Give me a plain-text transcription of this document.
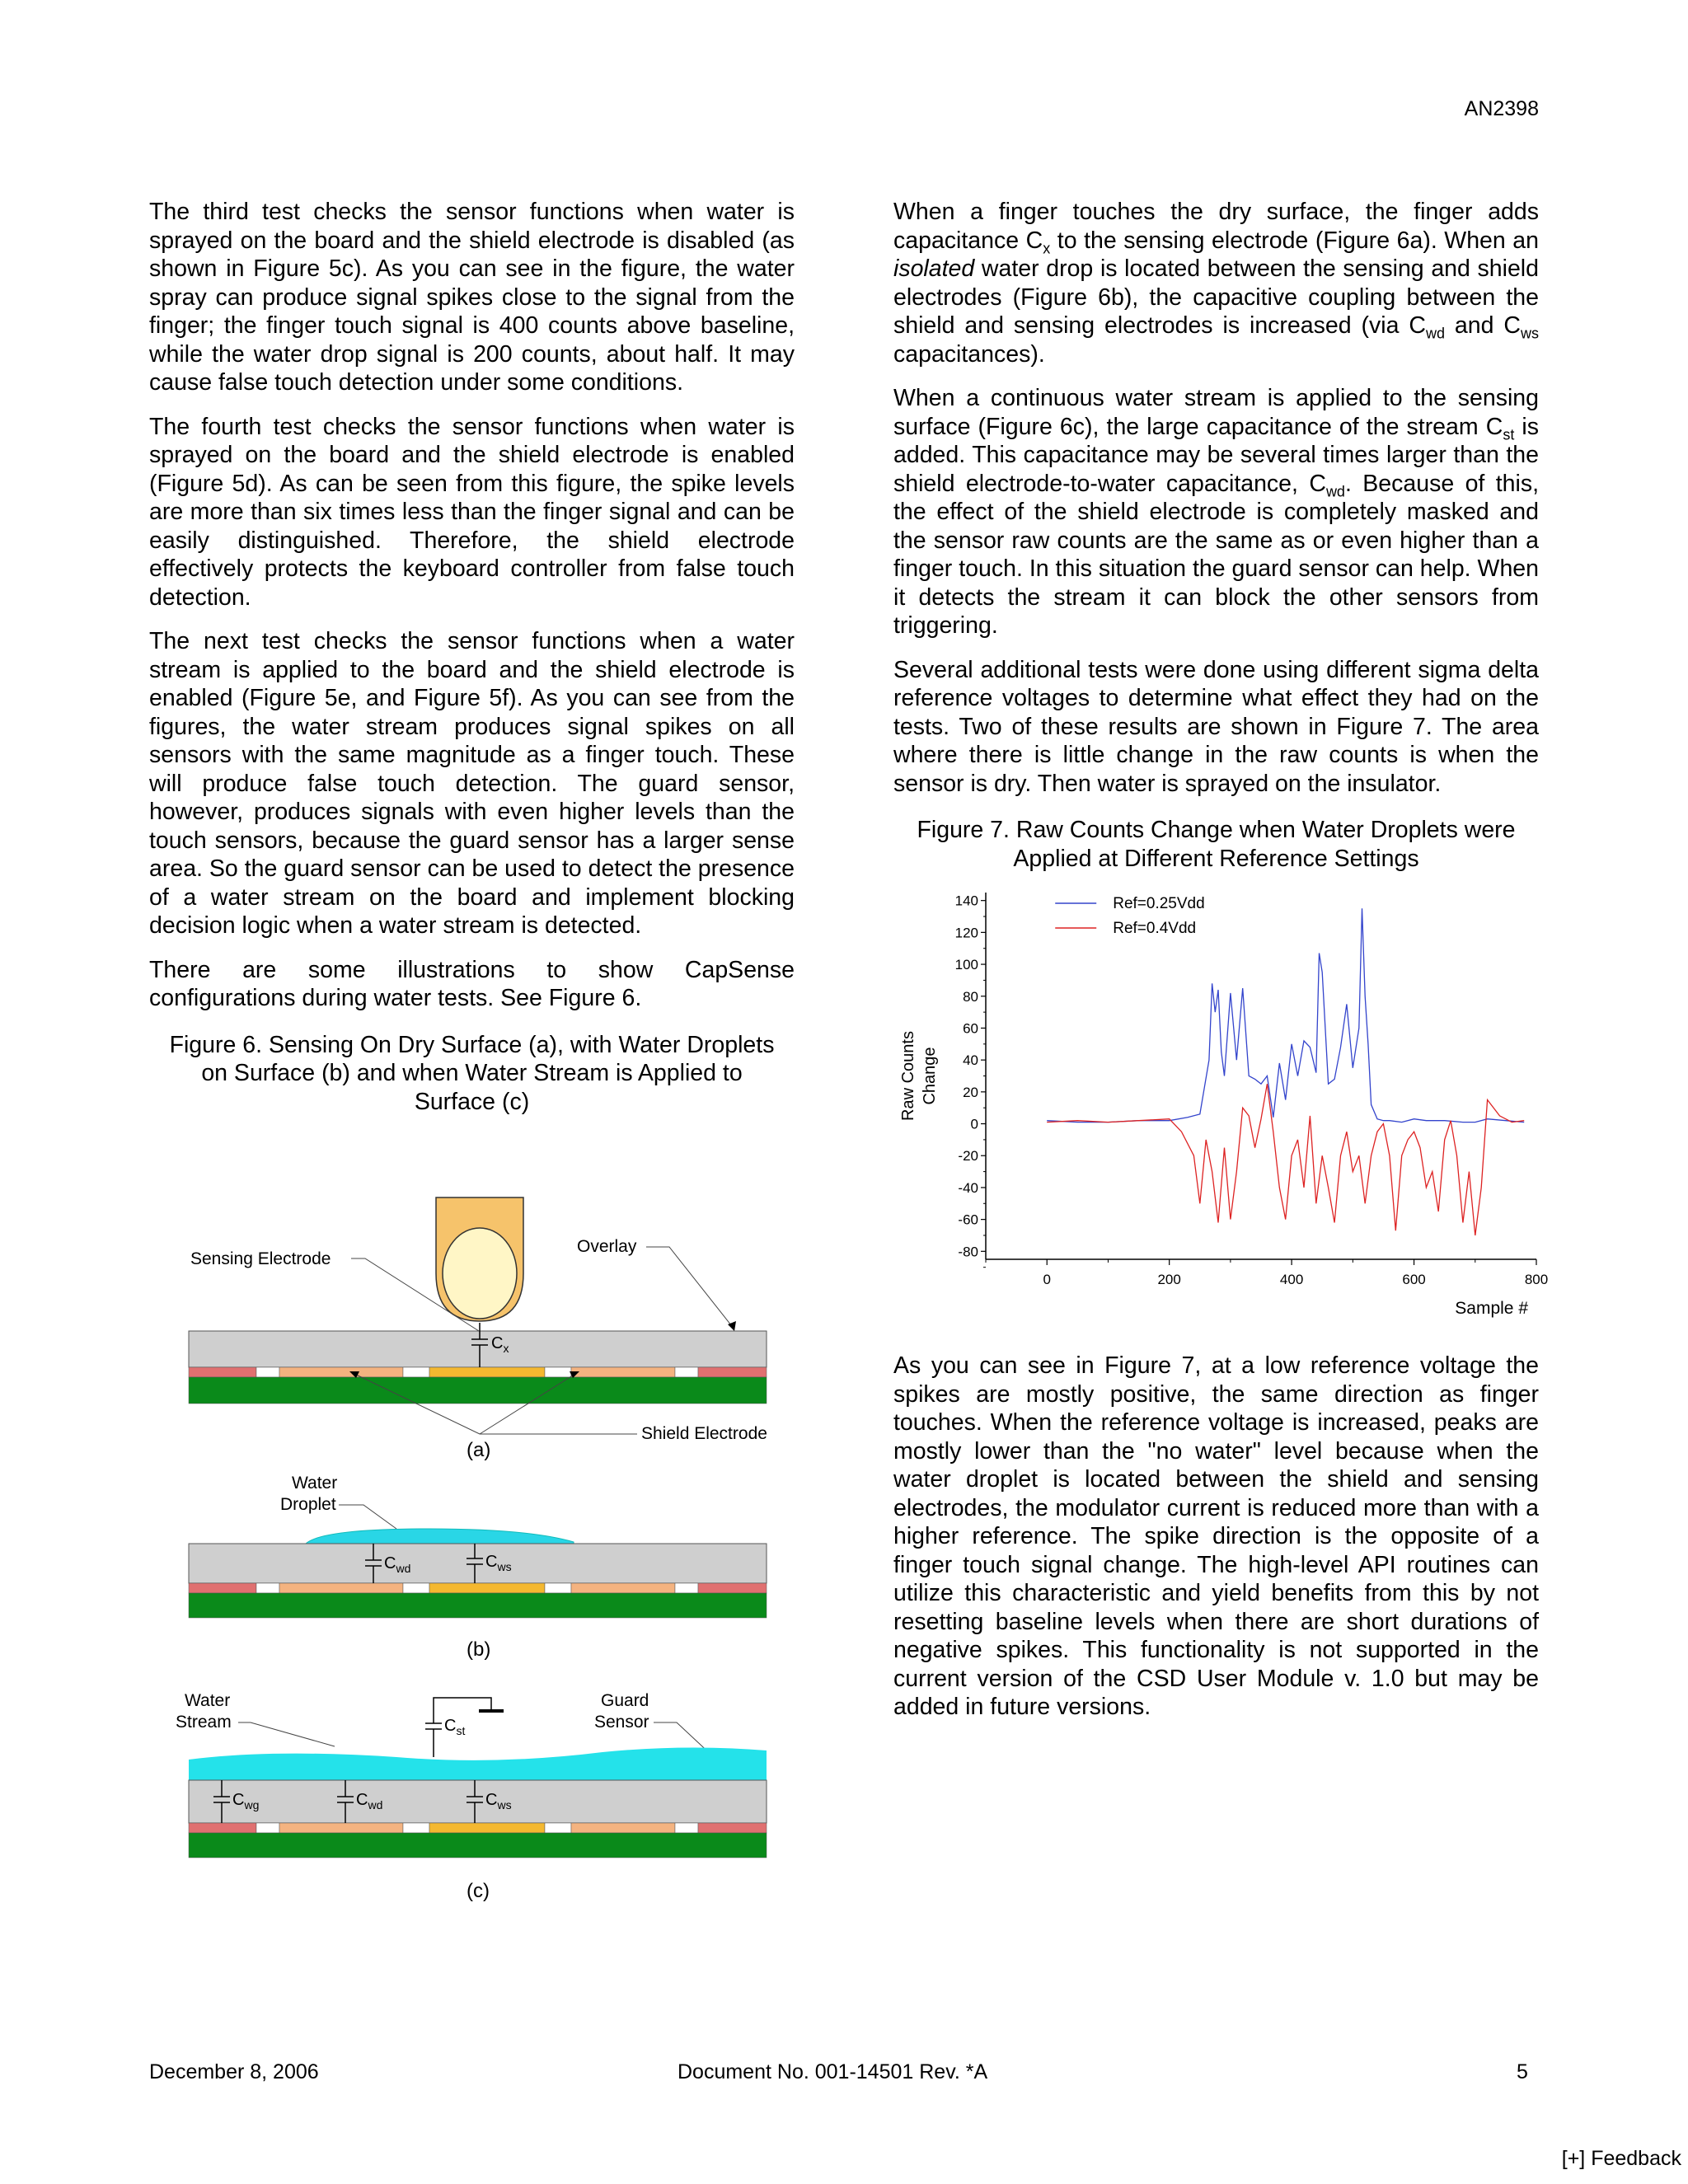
AN2398

The third test checks the sensor functions when water is sprayed on the board and the shield electrode is disabled (as shown in Figure 5c). As you can see in the figure, the water spray can produce signal spikes close to the signal from the finger; the finger touch signal is 400 counts above baseline, while the water drop signal is 200 counts, about half. It may cause false touch detection under some conditions.

The fourth test checks the sensor functions when water is sprayed on the board and the shield electrode is enabled (Figure 5d). As can be seen from this figure, the spike levels are more than six times less than the finger signal and can be easily distinguished. Therefore, the shield electrode effectively protects the keyboard controller from false touch detection.

The next test checks the sensor functions when a water stream is applied to the board and the shield electrode is enabled (Figure 5e, and Figure 5f). As you can see from the figures, the water stream produces signal spikes on all sensors with the same magnitude as a finger touch. These will produce false touch detection. The guard sensor, however, produces signals with even higher levels than the touch sensors, because the guard sensor has a larger sense area. So the guard sensor can be used to detect the presence of a water stream on the board and implement blocking decision logic when a water stream is detected.

There are some illustrations to show CapSense configurations during water tests. See Figure 6.

Figure 6. Sensing On Dry Surface (a), with Water Droplets
on Surface (b) and when Water Stream is Applied to
Surface (c)
$C_x$
Sensing Electrode
Overlay
Shield Electrode
(a)
Water
Droplet
$C_{wd}$	$C_{ws}$
(b)
Water
Stream
Guard
Sensor
$C_{st}$
$C_{wg}$	$C_{wd}$	$C_{ws}$
(c)

When a finger touches the dry surface, the finger adds capacitance $C_x$ to the sensing electrode (Figure 6a). When an isolated water drop is located between the sensing and shield electrodes (Figure 6b), the capacitive coupling between the shield and sensing electrodes is increased (via $C_{wd}$ and $C_{ws}$ capacitances).

When a continuous water stream is applied to the sensing surface (Figure 6c), the large capacitance of the stream $C_{st}$ is added. This capacitance may be several times larger than the shield electrode-to-water capacitance, $C_{wd}$. Because of this, the effect of the shield electrode is completely masked and the sensor raw counts are the same as or even higher than a finger touch. In this situation the guard sensor can help. When it detects the stream it can block the other sensors from triggering.

Several additional tests were done using different sigma delta reference voltages to determine what effect they had on the tests. Two of these results are shown in Figure 7. The area where there is little change in the raw counts is when the sensor is dry. Then water is sprayed on the insulator.

Figure 7. Raw Counts Change when Water Droplets were
Applied at Different Reference Settings
140
120
100
80
60
40
20
0
-20
-40
-60
-80
0	200	400	600	800
Sample #
Raw Counts Change
Ref=0.25Vdd
Ref=0.4Vdd

As you can see in Figure 7, at a low reference voltage the spikes are mostly positive, the same direction as finger touches. When the reference voltage is increased, peaks are mostly lower than the "no water" level because when the water droplet is located between the shield and sensing electrodes, the modulator current is reduced more than with a higher reference. The spike direction is the opposite of a finger touch signal change. The high-level API routines can utilize this characteristic and yield benefits from this by not resetting baseline levels when there are short durations of negative spikes. This functionality is not supported in the current version of the CSD User Module v. 1.0 but may be added in future versions.

December 8, 2006	Document No. 001-14501 Rev. *A	5
[+] Feedback
